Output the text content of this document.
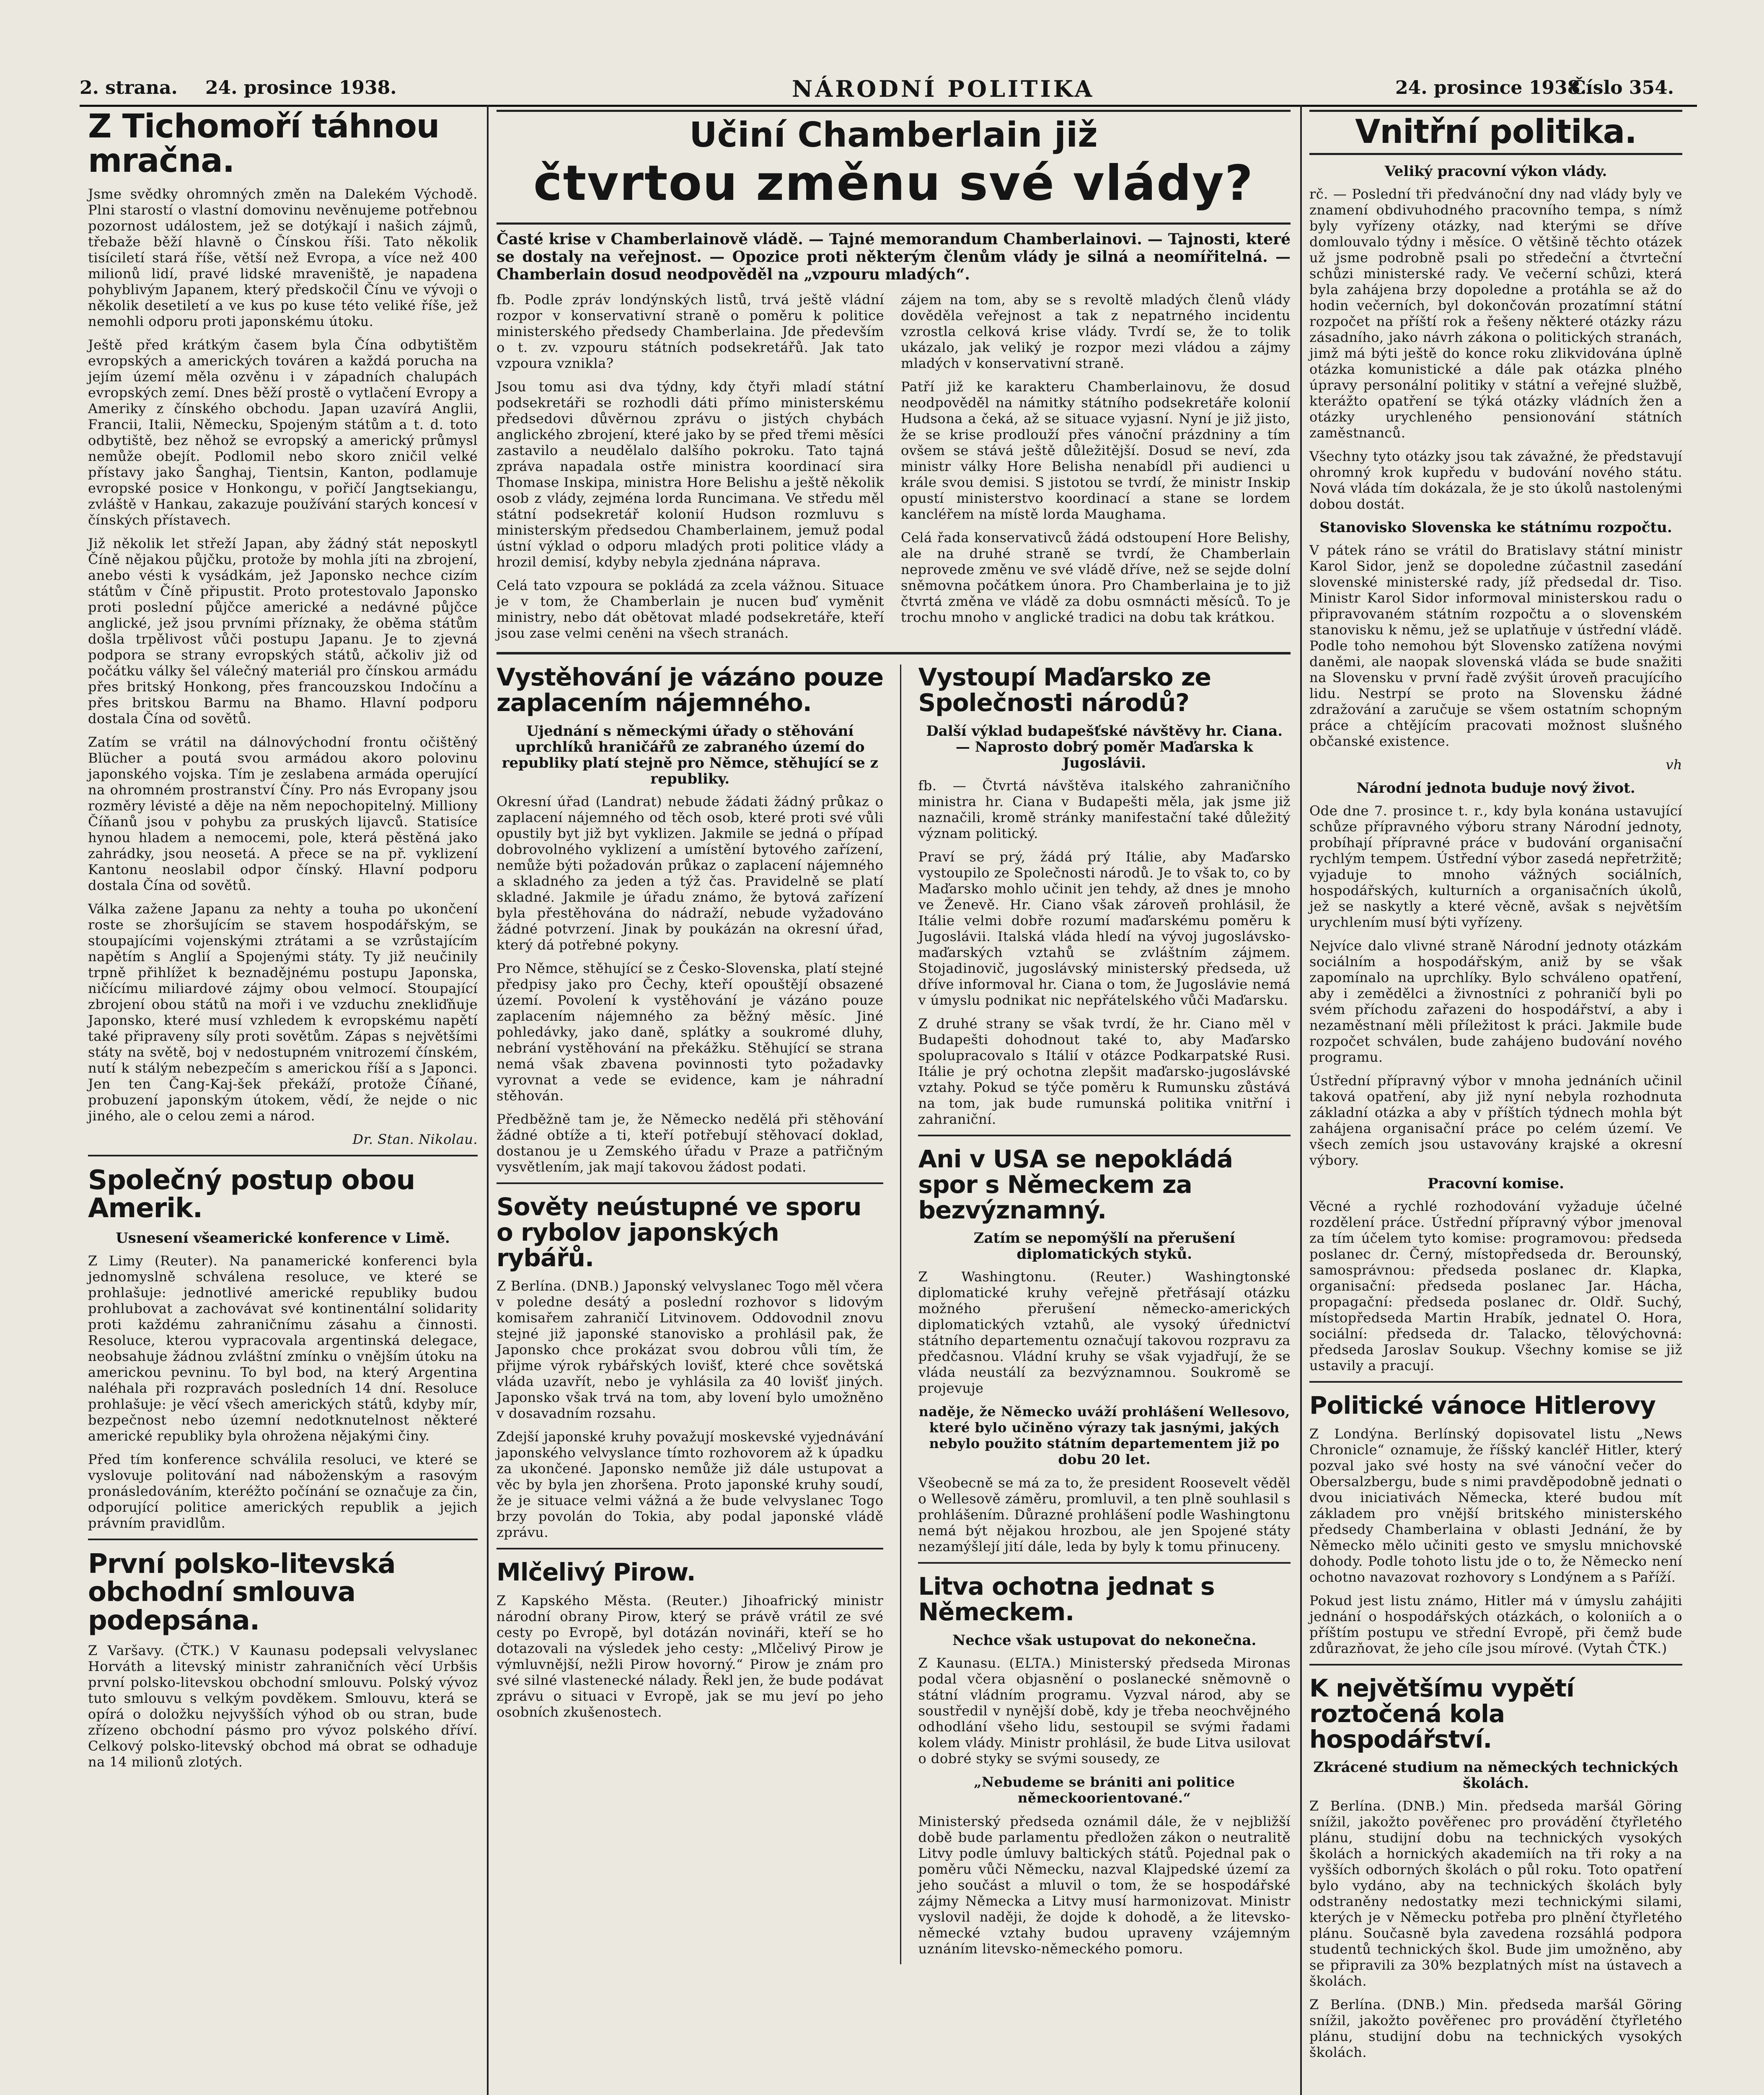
2. strana. 24. prosince 1938.	NÁRODNÍ POLITIKA	24. prosince 1938.
Číslo 354.
Z Tichomoří táhnou mračna.

Jsme svědky ohromných změn na Dalekém Východě. Plni starostí o vlastní domovinu nevěnujeme potřebnou pozornost událostem, jež se dotýkají i našich zájmů, třebaže běží hlavně o Čínskou říši. Tato několik tisíciletí stará říše, větší než Evropa, a více než 400 milionů lidí, pravé lidské mraveniště, je napadena pohyblivým Japanem, který předskočil Čínu ve vývoji o několik desetiletí a ve kus po kuse této veliké říše, jež nemohli odporu proti japonskému útoku.

Ještě před krátkým časem byla Čína odbytištěm evropských a amerických továren a každá porucha na jejím území měla ozvěnu i v západních chalupách evropských zemí. Dnes běží prostě o vytlačení Evropy a Ameriky z čínského obchodu. Japan uzavírá Anglii, Francii, Italii, Německu, Spojeným státům a t. d. toto odbytiště, bez něhož se evropský a americký průmysl nemůže obejít. Podlomil nebo skoro zničil velké přístavy jako Šanghaj, Tientsin, Kanton, podlamuje evropské posice v Honkongu, v pořičí Jangtsekiangu, zvláště v Hankau, zakazuje používání starých koncesí v čínských přístavech.

Již několik let střeží Japan, aby žádný stát neposkytl Číně nějakou půjčku, protože by mohla jíti na zbrojení, anebo vésti k vysádkám, jež Japonsko nechce cizím státům v Číně připustit. Proto protestovalo Japonsko proti poslední půjčce americké a nedávné půjčce anglické, jež jsou prvními příznaky, že oběma státům došla trpělivost vůči postupu Japanu. Je to zjevná podpora se strany evropských států, ačkoliv již od počátku války šel válečný materiál pro čínskou armádu přes britský Honkong, přes francouzskou Indočínu a přes britskou Barmu na Bhamo. Hlavní podporu dostala Čína od sovětů.

Zatím se vrátil na dálnovýchodní frontu očištěný Blücher a poutá svou armádou akoro polovinu japonského vojska. Tím je zeslabena armáda operující na ohromném prostranství Číny. Pro nás Evropany jsou rozměry lévisté a děje na něm nepochopitelný. Milliony Číňanů jsou v pohybu za pruských lijavců. Statisíce hynou hladem a nemocemi, pole, která pěstěná jako zahrádky, jsou neosetá. A přece se na př. vyklizení Kantonu neoslabil odpor čínský. Hlavní podporu dostala Čína od sovětů.

Válka zažene Japanu za nehty a touha po ukončení roste se zhoršujícím se stavem hospodářským, se stoupajícími vojenskými ztrátami a se vzrůstajícím napětím s Anglií a Spojenými státy. Ty již neučinily trpně přihlížet k beznadějnému postupu Japonska, ničícímu miliardové zájmy obou velmocí. Stoupající zbrojení obou států na moři i ve vzduchu znekliďňuje Japonsko, které musí vzhledem k evropskému napětí také připraveny síly proti sovětům. Zápas s největšími státy na světě, boj v nedostupném vnitrozemí čínském, nutí k stálým nebezpečím s americkou říší a s Japonci. Jen ten Čang-Kaj-šek překáží, protože Číňané, probuzení japonským útokem, vědí, že nejde o nic jiného, ale o celou zemi a národ.

Dr. Stan. Nikolau.

Společný postup obou Amerik.
Usnesení všeamerické konference v Limě.

Z Limy (Reuter). Na panamerické konferenci byla jednomyslně schválena resoluce, ve které se prohlašuje: jednotlivé americké republiky budou prohlubovat a zachovávat své kontinentální solidarity proti každému zahraničnímu zásahu a činnosti. Resoluce, kterou vypracovala argentinská delegace, neobsahuje žádnou zvláštní zmínku o vnějším útoku na americkou pevninu. To byl bod, na který Argentina naléhala při rozpravách posledních 14 dní. Resoluce prohlašuje: je věcí všech amerických států, kdyby mír, bezpečnost nebo územní nedotknutelnost některé americké republiky byla ohrožena nějakými činy.

Před tím konference schválila resoluci, ve které se vyslovuje politování nad náboženským a rasovým pronásledováním, kteréžto počínání se označuje za čin, odporující politice amerických republik a jejich právním pravidlům.

První polsko-litevská obchodní smlouva podepsána.

Z Varšavy. (ČTK.) V Kaunasu podepsali velvyslanec Horváth a litevský ministr zahraničních věcí Urbšis první polsko-litevskou obchodní smlouvu. Polský vývoz tuto smlouvu s velkým povděkem. Smlouvu, která se opírá o doložku nejvyšších výhod ob ou stran, bude zřízeno obchodní pásmo pro vývoz polského dříví. Celkový polsko-litevský obchod má obrat se odhaduje na 14 milionů zlotých.

Učiní Chamberlain již
čtvrtou změnu své vlády?
Časté krise v Chamberlainově vládě. — Tajné memorandum Chamberlainovi. — Tajnosti, které se dostaly na veřejnost. — Opozice proti některým členům vlády je silná a neomířitelná. — Chamberlain dosud neodpověděl na „vzpouru mladých“.

fb. Podle zpráv londýnských listů, trvá ještě vládní rozpor v konservativní straně o poměru k politice ministerského předsedy Chamberlaina. Jde především o t. zv. vzpouru státních podsekretářů. Jak tato vzpoura vznikla?

Jsou tomu asi dva týdny, kdy čtyři mladí státní podsekretáři se rozhodli dáti přímo ministerskému předsedovi důvěrnou zprávu o jistých chybách anglického zbrojení, které jako by se před třemi měsíci zastavilo a neudělalo dalšího pokroku. Tato tajná zpráva napadala ostře ministra koordinací sira Thomase Inskipa, ministra Hore Belishu a ještě několik osob z vlády, zejména lorda Runcimana. Ve středu měl státní podsekretář kolonií Hudson rozmluvu s ministerským předsedou Chamberlainem, jemuž podal ústní výklad o odporu mladých proti politice vlády a hrozil demisí, kdyby nebyla zjednána náprava.

Celá tato vzpoura se pokládá za zcela vážnou. Situace je v tom, že Chamberlain je nucen buď vyměnit ministry, nebo dát obětovat mladé podsekretáře, kteří jsou zase velmi ceněni na všech stranách.

zájem na tom, aby se s revoltě mladých členů vlády dověděla veřejnost a tak z nepatrného incidentu vzrostla celková krise vlády. Tvrdí se, že to tolik ukázalo, jak veliký je rozpor mezi vládou a zájmy mladých v konservativní straně.

Patří již ke karakteru Chamberlainovu, že dosud neodpověděl na námitky státního podsekretáře kolonií Hudsona a čeká, až se situace vyjasní. Nyní je již jisto, že se krise prodlouží přes vánoční prázdniny a tím ovšem se stává ještě důležitější. Dosud se neví, zda ministr války Hore Belisha nenabídl při audienci u krále svou demisi. S jistotou se tvrdí, že ministr Inskip opustí ministerstvo koordinací a stane se lordem kancléřem na místě lorda Maughama.

Celá řada konservativců žádá odstoupení Hore Belishy, ale na druhé straně se tvrdí, že Chamberlain neprovede změnu ve své vládě dříve, než se sejde dolní sněmovna počátkem února. Pro Chamberlaina je to již čtvrtá změna ve vládě za dobu osmnácti měsíců. To je trochu mnoho v anglické tradici na dobu tak krátkou.

Vystěhování je vázáno pouze zaplacením nájemného.
Ujednání s německými úřady o stěhování uprchlíků hraničářů ze zabraného území do republiky platí stejně pro Němce, stěhující se z republiky.

Okresní úřad (Landrat) nebude žádati žádný průkaz o zaplacení nájemného od těch osob, které proti své vůli opustily byt již byt vyklizen. Jakmile se jedná o případ dobrovolného vyklizení a umístění bytového zařízení, nemůže býti požadován průkaz o zaplacení nájemného a skladného za jeden a týž čas. Pravidelně se platí skladné. Jakmile je úřadu známo, že bytová zařízení byla přestěhována do nádraží, nebude vyžadováno žádné potvrzení. Jinak by poukázán na okresní úřad, který dá potřebné pokyny.

Pro Němce, stěhující se z Česko-Slovenska, platí stejné předpisy jako pro Čechy, kteří opouštějí obsazené území. Povolení k vystěhování je vázáno pouze zaplacením nájemného za běžný měsíc. Jiné pohledávky, jako daně, splátky a soukromé dluhy, nebrání vystěhování na překážku. Stěhující se strana nemá však zbavena povinnosti tyto požadavky vyrovnat a vede se evidence, kam je náhradní stěhován.

Předběžně tam je, že Německo nedělá při stěhování žádné obtíže a ti, kteří potřebují stěhovací doklad, dostanou je u Zemského úřadu v Praze a patřičným vysvětlením, jak mají takovou žádost podati.

Sověty neústupné ve sporu o rybolov japonských rybářů.

Z Berlína. (DNB.) Japonský velvyslanec Togo měl včera v poledne desátý a poslední rozhovor s lidovým komisařem zahraničí Litvinovem. Oddovodnil znovu stejné již japonské stanovisko a prohlásil pak, že Japonsko chce prokázat svou dobrou vůli tím, že přijme výrok rybářských lovišť, které chce sovětská vláda uzavřít, nebo je vyhlásila za 40 lovišť jiných. Japonsko však trvá na tom, aby lovení bylo umožněno v dosavadním rozsahu.

Zdejší japonské kruhy považují moskevské vyjednávání japonského velvyslance tímto rozhovorem až k úpadku za ukončené. Japonsko nemůže již dále ustupovat a věc by byla jen zhoršena. Proto japonské kruhy soudí, že je situace velmi vážná a že bude velvyslanec Togo brzy povolán do Tokia, aby podal japonské vládě zprávu.

Mlčelivý Pirow.

Z Kapského Města. (Reuter.) Jihoafrický ministr národní obrany Pirow, který se právě vrátil ze své cesty po Evropě, byl dotázán novináři, kteří se ho dotazovali na výsledek jeho cesty: „Mlčelivý Pirow je výmluvnější, nežli Pirow hovorný.“ Pirow je znám pro své silné vlastenecké nálady. Řekl jen, že bude podávat zprávu o situaci v Evropě, jak se mu jeví po jeho osobních zkušenostech.

Vystoupí Maďarsko ze Společnosti národů?
Další výklad budapešťské návštěvy hr. Ciana. — Naprosto dobrý poměr Maďarska k Jugoslávii.

fb. — Čtvrtá návštěva italského zahraničního ministra hr. Ciana v Budapešti měla, jak jsme již naznačili, kromě stránky manifestační také důležitý význam politický.

Praví se prý, žádá prý Itálie, aby Maďarsko vystoupilo ze Společnosti národů. Je to však to, co by Maďarsko mohlo učinit jen tehdy, až dnes je mnoho ve Ženevě. Hr. Ciano však zároveň prohlásil, že Itálie velmi dobře rozumí maďarskému poměru k Jugoslávii. Italská vláda hledí na vývoj jugoslávsko-maďarských vztahů se zvláštním zájmem. Stojadinovič, jugoslávský ministerský předseda, už dříve informoval hr. Ciana o tom, že Jugoslávie nemá v úmyslu podnikat nic nepřátelského vůči Maďarsku.

Z druhé strany se však tvrdí, že hr. Ciano měl v Budapešti dohodnout také to, aby Maďarsko spolupracovalo s Itálií v otázce Podkarpatské Rusi. Itálie je prý ochotna zlepšit maďarsko-jugoslávské vztahy. Pokud se týče poměru k Rumunsku zůstává na tom, jak bude rumunská politika vnitřní i zahraniční.

Ani v USA se nepokládá spor s Německem za bezvýznamný.
Zatím se nepomýšlí na přerušení diplomatických styků.

Z Washingtonu. (Reuter.) Washingtonské diplomatické kruhy veřejně přetřásají otázku možného přerušení německo-amerických diplomatických vztahů, ale vysoký úřednictví státního departementu označují takovou rozpravu za předčasnou. Vládní kruhy se však vyjadřují, že se vláda neustálí za bezvýznamnou. Soukromě se projevuje

naděje, že Německo uváží prohlášení Wellesovo, které bylo učiněno výrazy tak jasnými, jakých nebylo použito státním departementem již po dobu 20 let.

Všeobecně se má za to, že president Roosevelt věděl o Wellesově záměru, promluvil, a ten plně souhlasil s prohlášením. Důrazné prohlášení podle Washingtonu nemá být nějakou hrozbou, ale jen Spojené státy nezamýšlejí jití dále, leda by byly k tomu přinuceny.

Litva ochotna jednat s Německem.
Nechce však ustupovat do nekonečna.

Z Kaunasu. (ELTA.) Ministerský předseda Mironas podal včera objasnění o poslanecké sněmovně o státní vládním programu. Vyzval národ, aby se soustředil v nynější době, kdy je třeba neochvějného odhodlání všeho lidu, sestoupil se svými řadami kolem vlády. Ministr prohlásil, že bude Litva usilovat o dobré styky se svými sousedy, ze

„Nebudeme se brániti ani politice německoorientované.“

Ministerský předseda oznámil dále, že v nejbližší době bude parlamentu předložen zákon o neutralitě Litvy podle úmluvy baltických států. Pojednal pak o poměru vůči Německu, nazval Klajpedské území za jeho součást a mluvil o tom, že se hospodářské zájmy Německa a Litvy musí harmonizovat. Ministr vyslovil naději, že dojde k dohodě, a že litevsko-německé vztahy budou upraveny vzájemným uznáním litevsko-německého pomoru.

Vnitřní politika.
Veliký pracovní výkon vlády.

rč. — Poslední tři předvánoční dny nad vlády byly ve znamení obdivuhodného pracovního tempa, s nímž byly vyřízeny otázky, nad kterými se dříve domlouvalo týdny i měsíce. O většině těchto otázek už jsme podrobně psali po středeční a čtvrteční schůzi ministerské rady. Ve večerní schůzi, která byla zahájena brzy dopoledne a protáhla se až do hodin večerních, byl dokončován prozatímní státní rozpočet na příští rok a řešeny některé otázky rázu zásadního, jako návrh zákona o politických stranách, jimž má býti ještě do konce roku zlikvidována úplně otázka komunistické a dále pak otázka plného úpravy personální politiky v státní a veřejné službě, kterážto opatření se týká otázky vládních žen a otázky urychleného pensionování státních zaměstnanců.

Všechny tyto otázky jsou tak závažné, že představují ohromný krok kupředu v budování nového státu. Nová vláda tím dokázala, že je sto úkolů nastolenými dobou dostát.

Stanovisko Slovenska ke státnímu rozpočtu.

V pátek ráno se vrátil do Bratislavy státní ministr Karol Sidor, jenž se dopoledne zúčastnil zasedání slovenské ministerské rady, jíž předsedal dr. Tiso. Ministr Karol Sidor informoval ministerskou radu o připravovaném státním rozpočtu a o slovenském stanovisku k němu, jež se uplatňuje v ústřední vládě. Podle toho nemohou být Slovensko zatížena novými daněmi, ale naopak slovenská vláda se bude snažiti na Slovensku v první řadě zvýšit úroveň pracujícího lidu. Nestrpí se proto na Slovensku žádné zdražování a zaručuje se všem ostatním schopným práce a chtějícím pracovati možnost slušného občanské existence.

vh

Národní jednota buduje nový život.

Ode dne 7. prosince t. r., kdy byla konána ustavující schůze přípravného výboru strany Národní jednoty, probíhají přípravné práce v budování organisační rychlým tempem. Ústřední výbor zasedá nepřetržitě; vyjaduje to mnoho vážných sociálních, hospodářských, kulturních a organisačních úkolů, jež se naskytly a které věcně, avšak s největším urychlením musí býti vyřízeny.

Nejvíce dalo vlivné straně Národní jednoty otázkám sociálním a hospodářským, aniž by se však zapomínalo na uprchlíky. Bylo schváleno opatření, aby i zemědělci a živnostníci z pohraničí byli po svém příchodu zařazeni do hospodářství, a aby i nezaměstnaní měli příležitost k práci. Jakmile bude rozpočet schválen, bude zahájeno budování nového programu.

Ústřední přípravný výbor v mnoha jednáních učinil taková opatření, aby již nyní nebyla rozhodnuta základní otázka a aby v příštích týdnech mohla být zahájena organisační práce po celém území. Ve všech zemích jsou ustavovány krajské a okresní výbory.

Pracovní komise.

Věcné a rychlé rozhodování vyžaduje účelné rozdělení práce. Ústřední přípravný výbor jmenoval za tím účelem tyto komise: programovou: předseda poslanec dr. Černý, místopředseda dr. Berounský, samosprávnou: předseda poslanec dr. Klapka, organisační: předseda poslanec Jar. Hácha, propagační: předseda poslanec dr. Oldř. Suchý, místopředseda Martin Hrabík, jednatel O. Hora, sociální: předseda dr. Talacko, tělovýchovná: předseda Jaroslav Soukup. Všechny komise se již ustavily a pracují.

Politické vánoce Hitlerovy

Z Londýna. Berlínský dopisovatel listu „News Chronicle“ oznamuje, že říšský kancléř Hitler, který pozval jako své hosty na své vánoční večer do Obersalzbergu, bude s nimi pravděpodobně jednati o dvou iniciativách Německa, které budou mít základem pro vnější britského ministerského předsedy Chamberlaina v oblasti Jednání, že by Německo mělo učiniti gesto ve smyslu mnichovské dohody. Podle tohoto listu jde o to, že Německo není ochotno navazovat rozhovory s Londýnem a s Paříží.

Pokud jest listu známo, Hitler má v úmyslu zahájiti jednání o hospodářských otázkách, o koloniích a o příštím postupu ve střední Evropě, při čemž bude zdůrazňovat, že jeho cíle jsou mírové. (Vytah ČTK.)

K největšímu vypětí roztočená kola hospodářství.
Zkrácené studium na německých technických školách.

Z Berlína. (DNB.) Min. předseda maršál Göring snížil, jakožto pověřenec pro provádění čtyřletého plánu, studijní dobu na technických vysokých školách a hornických akademiích na tři roky a na vyšších odborných školách o půl roku. Toto opatření bylo vydáno, aby na technických školách byly odstraněny nedostatky mezi technickými silami, kterých je v Německu potřeba pro plnění čtyřletého plánu. Současně byla zavedena rozsáhlá podpora studentů technických škol. Bude jim umožněno, aby se připravili za 30% bezplatných míst na ústavech a školách.

Z Berlína. (DNB.) Min. předseda maršál Göring snížil, jakožto pověřenec pro provádění čtyřletého plánu, studijní dobu na technických vysokých školách.
